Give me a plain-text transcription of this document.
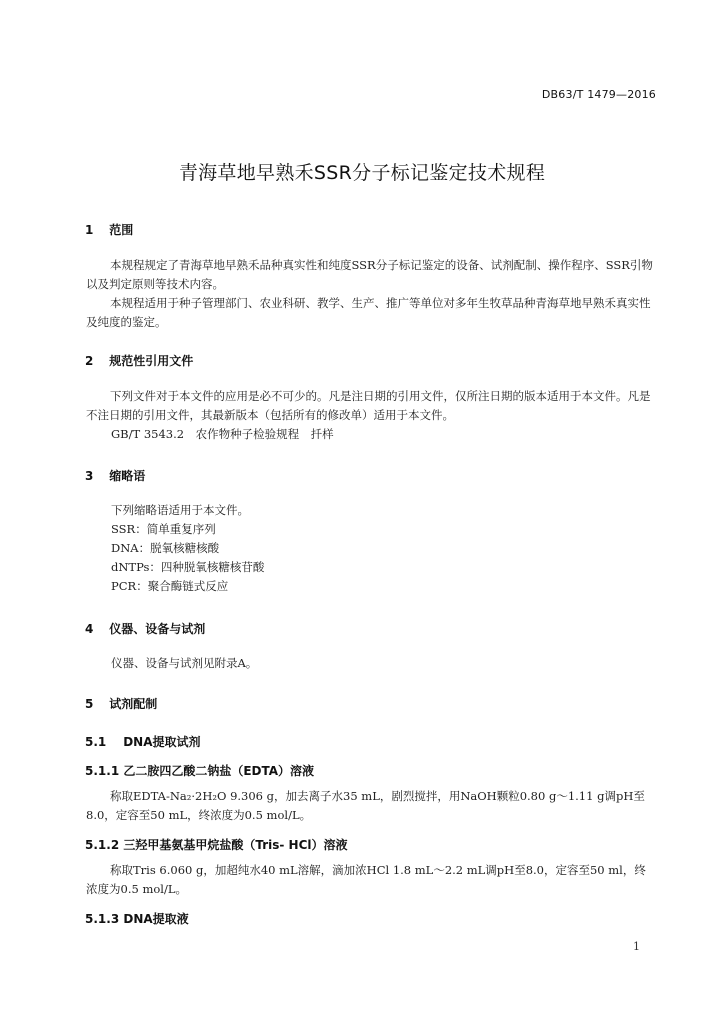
DB63/T 1479—2016
青海草地早熟禾SSR分子标记鉴定技术规程
1 范围
本规程规定了青海草地早熟禾品种真实性和纯度SSR分子标记鉴定的设备、试剂配制、操作程序、SSR引物以及判定原则等技术内容。
本规程适用于种子管理部门、农业科研、教学、生产、推广等单位对多年生牧草品种青海草地早熟禾真实性及纯度的鉴定。
2 规范性引用文件
下列文件对于本文件的应用是必不可少的。凡是注日期的引用文件，仅所注日期的版本适用于本文件。凡是不注日期的引用文件，其最新版本（包括所有的修改单）适用于本文件。
GB/T 3543.2　农作物种子检验规程　扦样
3 缩略语
下列缩略语适用于本文件。
SSR：简单重复序列
DNA：脱氧核糖核酸
dNTPs：四种脱氧核糖核苷酸
PCR：聚合酶链式反应
4 仪器、设备与试剂
仪器、设备与试剂见附录A。
5 试剂配制
5.1 DNA提取试剂
5.1.1 乙二胺四乙酸二钠盐（EDTA）溶液
称取EDTA-Na₂·2H₂O 9.306 g，加去离子水35 mL，剧烈搅拌，用NaOH颗粒0.80 g～1.11 g调pH至8.0，定容至50 mL，终浓度为0.5 mol/L。
5.1.2 三羟甲基氨基甲烷盐酸（Tris- HCl）溶液
称取Tris 6.060 g，加超纯水40 mL溶解，滴加浓HCl 1.8 mL～2.2 mL调pH至8.0，定容至50 ml，终浓度为0.5 mol/L。
5.1.3 DNA提取液
1
